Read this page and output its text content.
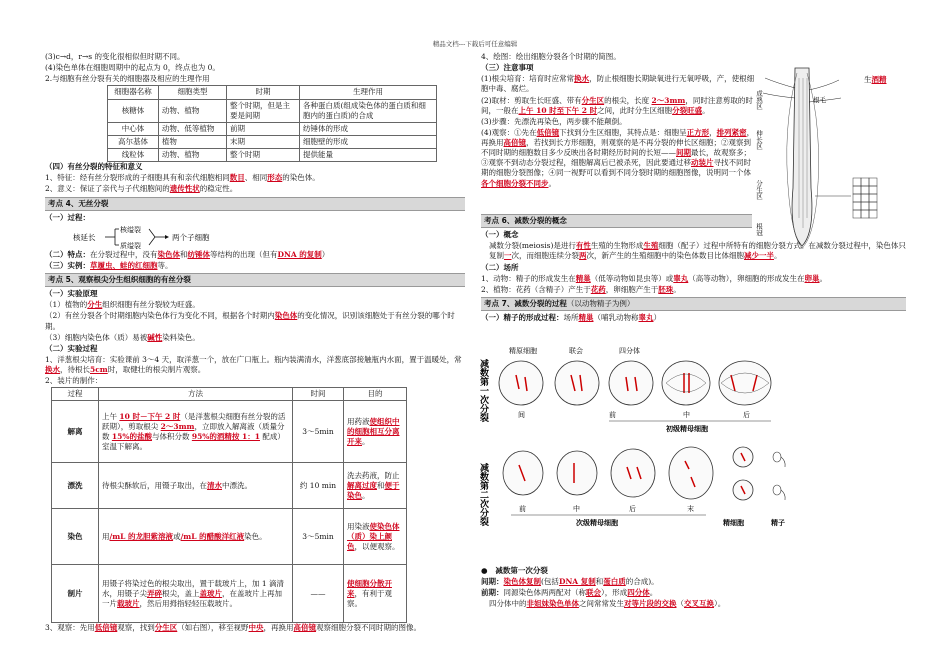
精品文档---下载后可任意编辑

(3)c→d，r→s 的变化很相似但时期不同。

(4)染色单体在细胞周期中的起点为 0，终点也为 0。

2.与细胞有丝分裂有关的细胞器及相应的生理作用

细胞器名称	细胞类型	时期	生理作用
核糖体	动物、植物	整个时期，但是主要是间期	各种蛋白质(组成染色体的蛋白质和细胞内的蛋白质)的合成
中心体	动物、低等植物	前期	纺锤体的形成
高尔基体	植物	末期	细胞壁的形成
线粒体	动物、植物	整个时期	提供能量

（四）有丝分裂的特征和意义

1、特征：经有丝分裂形成的子细胞具有和亲代细胞相同数目、相同形态的染色体。

2、意义：保证了亲代与子代细胞间的遗传性状的稳定性。

考点 4、无丝分裂

（一）过程：

核延长
核缢裂
质缢裂
两个子细胞

（二）特点：在分裂过程中，没有染色体和纺锤体等结构的出现（但有DNA 的复制）

（三）实例：草履虫、蛙的红细胞等。

考点 5、观察根尖分生组织细胞的有丝分裂

（一）实验原理

（1）植物的分生组织细胞有丝分裂较为旺盛。

（2）有丝分裂各个时期细胞内染色体行为变化不同，根据各个时期内染色体的变化情况，识别该细胞处于有丝分裂的哪个时期。

（3）细胞内染色体（质）易被碱性染料染色。

（二）实验过程

1、洋葱根尖培育：实验课前 3～4 天，取洋葱一个，放在广口瓶上。瓶内装满清水，洋葱底部接触瓶内水面，置于温暖处，常换水，待根长5cm时，取健壮的根尖制片观察。

2、装片的制作：

过程	方法	时间	目的
解离	上午 10 时－下午 2 时（是洋葱根尖细胞有丝分裂的活跃期），剪取根尖 2～3mm，立即放入解离液（质量分数 15%的盐酸与体积分数 95%的酒精按 1：1 配成）室温下解离。	3～5min	用药液使组织中的细胞相互分离开来。
漂洗	待根尖酥软后，用镊子取出，在清水中漂洗。	约 10 min	洗去药液，防止解离过度和便于染色。
染色	用/mL 的龙胆紫溶液或/mL 的醋酸洋红液染色。	3～5min	用染液使染色体（质）染上颜色，以便观察。
制片	用镊子将染过色的根尖取出，置于载玻片上，加 1 滴清水，用镊子尖弄碎根尖，盖上盖玻片，在盖玻片上再加一片载玻片，然后用拇指轻轻压载玻片。	——	使细胞分散开来，有利于观察。

3、观察：先用低倍镜观察，找到分生区（如右图），移至视野中央，再换用高倍镜观察细胞分裂不同时期的图像。

4、绘图：绘出细胞分裂各个时期的简图。

（三）注意事项

(1)根尖培育：培育时应常常换水，防止根细胞长期缺氧进行无氧呼吸，产，使根细胞中毒、腐烂。

(2)取材：剪取生长旺盛、带有分生区的根尖，长度 2～3mm，同时注意剪取的时间，一般在上午 10 时至下午 2 时之间，此时分生区细胞分裂旺盛。

(3)步骤：先漂洗再染色，两步骤不能颠倒。

(4)观察：①先在低倍镜下找到分生区细胞，其特点是：细胞呈正方形，排列紧密，再换用高倍镜，若找到长方形细胞，则观察的是不再分裂的伸长区细胞；②观察到不同时期的细胞数目多少反映出各时期经历时间的长短——间期最长，故观察多；③观察不到动态分裂过程，细胞解离后已被杀死，因此要通过移动装片寻找不同时期的细胞分裂图像；④同一视野可以看到不同分裂时期的细胞图像，说明同一个体各个细胞分裂不同步。

生酒精
成熟区
伸长区
分生区
根冠
根毛
考点 6、减数分裂的概念

（一）概念

减数分裂(meiosis)是进行有性生殖的生物形成生殖细胞（配子）过程中所特有的细胞分裂方式。在减数分裂过程中，染色体只复制一次，而细胞连续分裂两次，新产生的生殖细胞中的染色体数目比体细胞减少一半。

（二）场所

1、动物：精子的形成发生在精巢（低等动物如昆虫等）或睾丸（高等动物），卵细胞的形成发生在卵巢。

2、植物：花药（含精子）产生于花药，卵细胞产生于胚珠。

考点 7、减数分裂的过程（以动物精子为例）

（一）精子的形成过程：场所精巢（哺乳动物称睾丸）

减数第一次分裂
减数第二次分裂
精原细胞	联会	四分体
间	前	中	后
初级精母细胞
前	中	后	末
次级精母细胞	精细胞	精子

●   减数第一次分裂

间期：染色体复制(包括DNA 复制和蛋白质的合成)。

前期：同源染色体两两配对（称联会），形成四分体。

四分体中的非姐妹染色单体之间常常发生对等片段的交换（交叉互换）。
